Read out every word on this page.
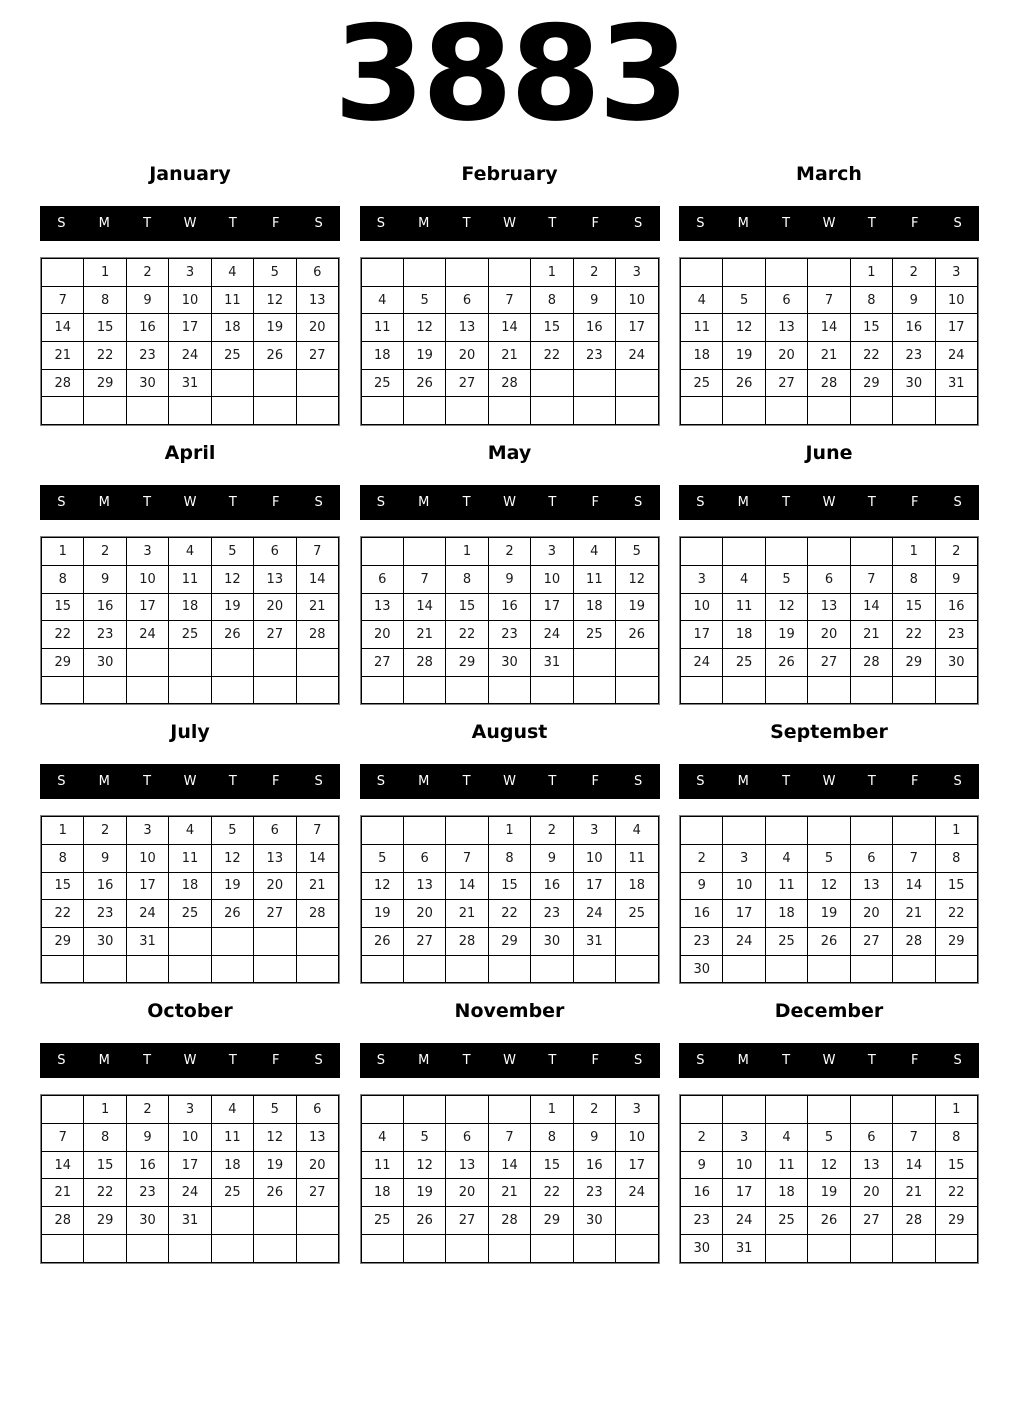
3883
January
S	M	T	W	T	F	S
	1	2	3	4	5	6
7	8	9	10	11	12	13
14	15	16	17	18	19	20
21	22	23	24	25	26	27
28	29	30	31			

February
S	M	T	W	T	F	S
				1	2	3
4	5	6	7	8	9	10
11	12	13	14	15	16	17
18	19	20	21	22	23	24
25	26	27	28			

March
S	M	T	W	T	F	S
				1	2	3
4	5	6	7	8	9	10
11	12	13	14	15	16	17
18	19	20	21	22	23	24
25	26	27	28	29	30	31

April
S	M	T	W	T	F	S
1	2	3	4	5	6	7
8	9	10	11	12	13	14
15	16	17	18	19	20	21
22	23	24	25	26	27	28
29	30					

May
S	M	T	W	T	F	S
		1	2	3	4	5
6	7	8	9	10	11	12
13	14	15	16	17	18	19
20	21	22	23	24	25	26
27	28	29	30	31		

June
S	M	T	W	T	F	S
					1	2
3	4	5	6	7	8	9
10	11	12	13	14	15	16
17	18	19	20	21	22	23
24	25	26	27	28	29	30

July
S	M	T	W	T	F	S
1	2	3	4	5	6	7
8	9	10	11	12	13	14
15	16	17	18	19	20	21
22	23	24	25	26	27	28
29	30	31				

August
S	M	T	W	T	F	S
			1	2	3	4
5	6	7	8	9	10	11
12	13	14	15	16	17	18
19	20	21	22	23	24	25
26	27	28	29	30	31	

September
S	M	T	W	T	F	S
						1
2	3	4	5	6	7	8
9	10	11	12	13	14	15
16	17	18	19	20	21	22
23	24	25	26	27	28	29
30						
October
S	M	T	W	T	F	S
	1	2	3	4	5	6
7	8	9	10	11	12	13
14	15	16	17	18	19	20
21	22	23	24	25	26	27
28	29	30	31			

November
S	M	T	W	T	F	S
				1	2	3
4	5	6	7	8	9	10
11	12	13	14	15	16	17
18	19	20	21	22	23	24
25	26	27	28	29	30	

December
S	M	T	W	T	F	S
						1
2	3	4	5	6	7	8
9	10	11	12	13	14	15
16	17	18	19	20	21	22
23	24	25	26	27	28	29
30	31					
